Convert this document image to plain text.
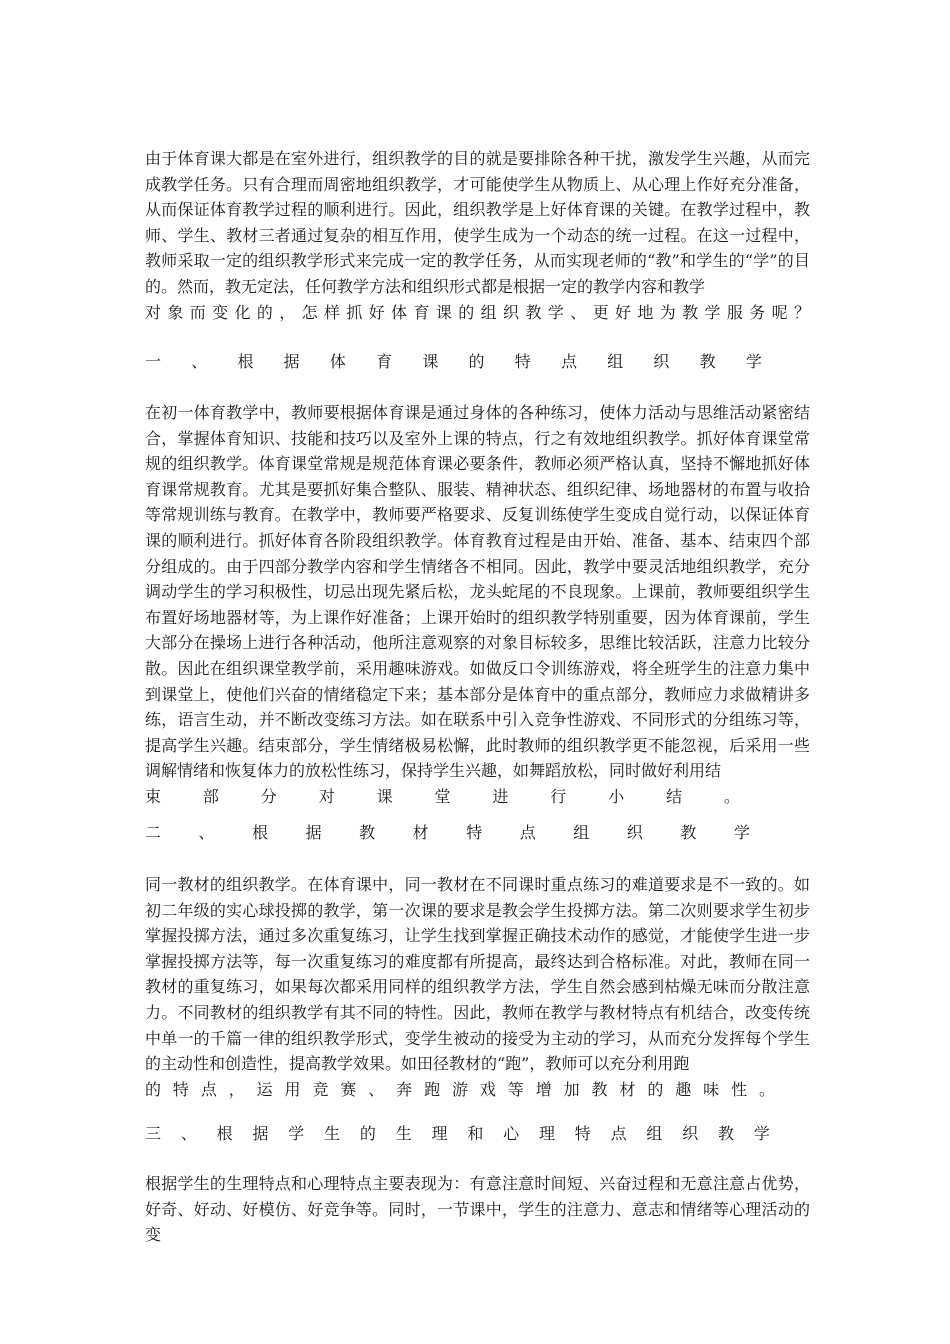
由于体育课大都是在室外进行，组织教学的目的就是要排除各种干扰，激发学生兴趣，从而完成教学任务。只有合理而周密地组织教学，才可能使学生从物质上、从心理上作好充分准备，从而保证体育教学过程的顺利进行。因此，组织教学是上好体育课的关键。在教学过程中，教师、学生、教材三者通过复杂的相互作用，使学生成为一个动态的统一过程。在这一过程中，教师采取一定的组织教学形式来完成一定的教学任务，从而实现老师的“教”和学生的“学”的目的。然而，教无定法，任何教学方法和组织形式都是根据一定的教学内容和教学
对象而变化的，怎样抓好体育课的组织教学、更好地为教学服务呢？

一 、 根 据 体 育 课 的 特 点 组 织 教 学

在初一体育教学中，教师要根据体育课是通过身体的各种练习，使体力活动与思维活动紧密结合，掌握体育知识、技能和技巧以及室外上课的特点，行之有效地组织教学。抓好体育课堂常规的组织教学。体育课堂常规是规范体育课必要条件，教师必须严格认真，坚持不懈地抓好体育课常规教育。尤其是要抓好集合整队、服装、精神状态、组织纪律、场地器材的布置与收拾等常规训练与教育。在教学中，教师要严格要求、反复训练使学生变成自觉行动，以保证体育课的顺利进行。抓好体育各阶段组织教学。体育教育过程是由开始、准备、基本、结束四个部分组成的。由于四部分教学内容和学生情绪各不相同。因此，教学中要灵活地组织教学，充分调动学生的学习积极性，切忌出现先紧后松，龙头蛇尾的不良现象。上课前，教师要组织学生布置好场地器材等，为上课作好准备；上课开始时的组织教学特别重要，因为体育课前，学生大部分在操场上进行各种活动，他所注意观察的对象目标较多，思维比较活跃，注意力比较分散。因此在组织课堂教学前，采用趣味游戏。如做反口令训练游戏，将全班学生的注意力集中到课堂上，使他们兴奋的情绪稳定下来；基本部分是体育中的重点部分，教师应力求做精讲多练，语言生动，并不断改变练习方法。如在联系中引入竞争性游戏、不同形式的分组练习等，提高学生兴趣。结束部分，学生情绪极易松懈，此时教师的组织教学更不能忽视，后采用一些调解情绪和恢复体力的放松性练习，保持学生兴趣，如舞蹈放松，同时做好利用结
束部分对课堂进行小结。

二 、 根 据 教 材 特 点 组 织 教 学

同一教材的组织教学。在体育课中，同一教材在不同课时重点练习的难道要求是不一致的。如初二年级的实心球投掷的教学，第一次课的要求是教会学生投掷方法。第二次则要求学生初步掌握投掷方法，通过多次重复练习，让学生找到掌握正确技术动作的感觉，才能使学生进一步掌握投掷方法等，每一次重复练习的难度都有所提高，最终达到合格标准。对此，教师在同一教材的重复练习，如果每次都采用同样的组织教学方法，学生自然会感到枯燥无味而分散注意力。不同教材的组织教学有其不同的特性。因此，教师在教学与教材特点有机结合，改变传统中单一的千篇一律的组织教学形式，变学生被动的接受为主动的学习，从而充分发挥每个学生的主动性和创造性，提高教学效果。如田径教材的“跑”，教师可以充分利用跑
的特点，运用竞赛、奔跑游戏等增加教材的趣味性。

三 、 根 据 学 生 的 生 理 和 心 理 特 点 组 织 教 学

根据学生的生理特点和心理特点主要表现为：有意注意时间短、兴奋过程和无意注意占优势，好奇、好动、好模仿、好竞争等。同时，一节课中，学生的注意力、意志和情绪等心理活动的变
